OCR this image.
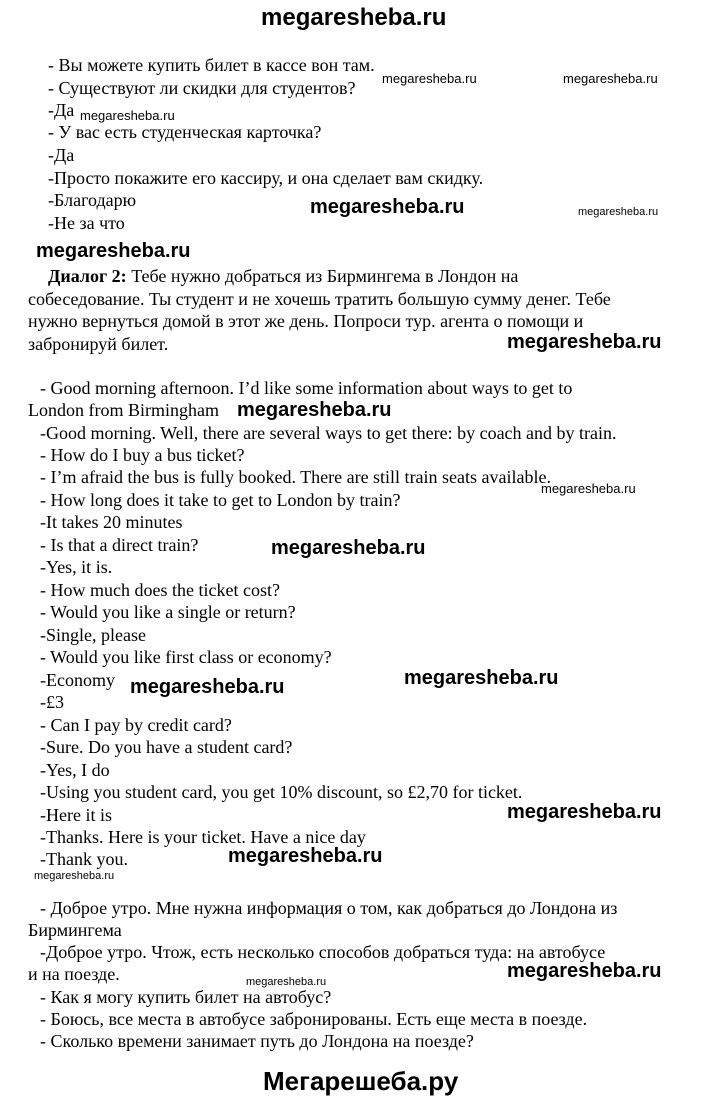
megaresheba.ru
- Вы можете купить билет в кассе вон там.
- Существуют ли скидки для студентов?
-Да
- У вас есть студенческая карточка?
-Да
-Просто покажите его кассиру, и она сделает вам скидку.
-Благодарю
-Не за что
Диалог 2: Тебе нужно добраться из Бирмингема в Лондон на
собеседование. Ты студент и не хочешь тратить большую сумму денег. Тебе
нужно вернуться домой в этот же день. Попроси тур. агента о помощи и
забронируй билет.
- Good morning afternoon. I’d like some information about ways to get to
London from Birmingham
-Good morning. Well, there are several ways to get there: by coach and by train.
- How do I buy a bus ticket?
- I’m afraid the bus is fully booked. There are still train seats available.
- How long does it take to get to London by train?
-It takes 20 minutes
- Is that a direct train?
-Yes, it is.
- How much does the ticket cost?
- Would you like a single or return?
-Single, please
- Would you like first class or economy?
-Economy
-£3
- Can I pay by credit card?
-Sure. Do you have a student card?
-Yes, I do
-Using you student card, you get 10% discount, so £2,70 for ticket.
-Here it is
-Thanks. Here is your ticket. Have a nice day
-Thank you.
- Доброе утро. Мне нужна информация о том, как добраться до Лондона из
Бирмингема
-Доброе утро. Чтож, есть несколько способов добраться туда: на автобусе
и на поезде.
- Как я могу купить билет на автобус?
- Боюсь, все места в автобусе забронированы. Есть еще места в поезде.
- Сколько времени занимает путь до Лондона на поезде?
megaresheba.ru	megaresheba.ru
megaresheba.ru
megaresheba.ru	megaresheba.ru
megaresheba.ru
megaresheba.ru
megaresheba.ru
megaresheba.ru
megaresheba.ru
megaresheba.ru
megaresheba.ru
megaresheba.ru
megaresheba.ru
megaresheba.ru
megaresheba.ru	megaresheba.ru
Мегарешеба.ру
